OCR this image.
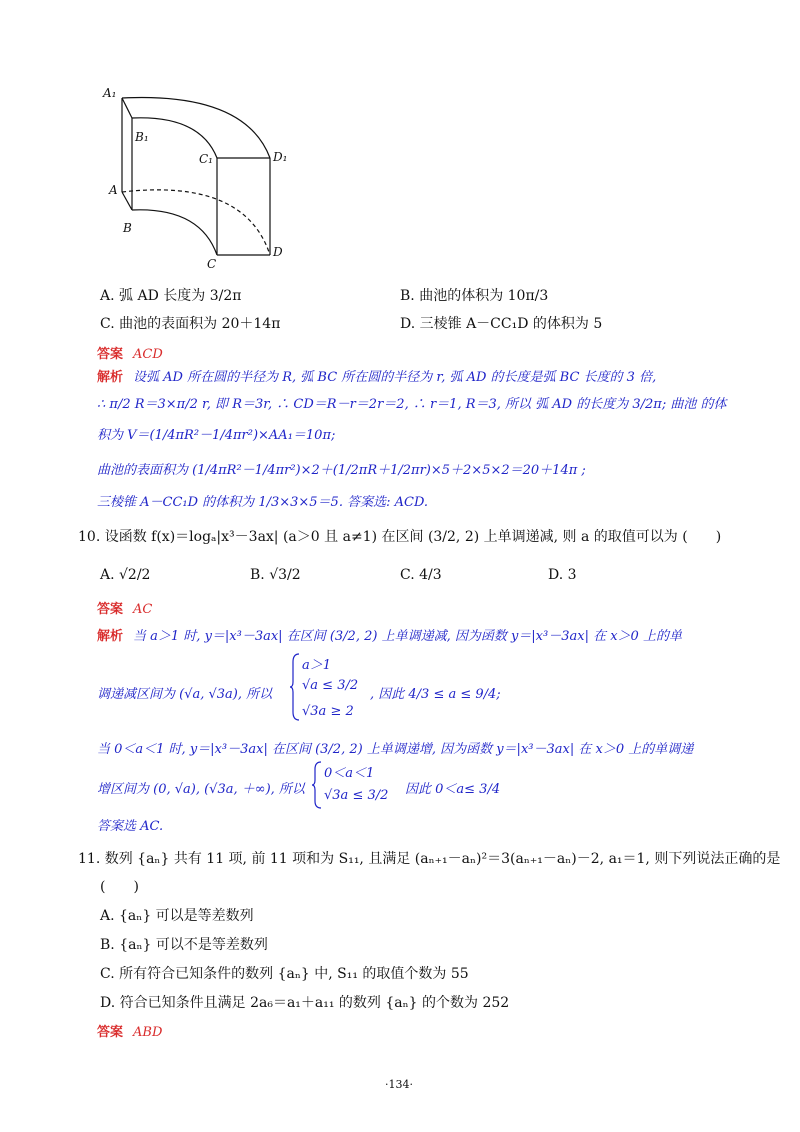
A₁
B₁
C₁	D₁
A
B
C
D
A. 弧 AD 长度为 3/2π	B. 曲池的体积为 10π/3
C. 曲池的表面积为 20＋14π	D. 三棱锥 A－CC₁D 的体积为 5
答案 ACD
解析 设弧 AD 所在圆的半径为 R, 弧 BC 所在圆的半径为 r, 弧 AD 的长度是弧 BC 长度的 3 倍,
∴ π/2 R＝3×π/2 r, 即 R＝3r, ∴ CD＝R－r＝2r＝2, ∴ r＝1, R＝3, 所以 弧 AD 的长度为 3/2π; 曲池 的体
积为 V＝(1/4πR²－1/4πr²)×AA₁＝10π;
曲池的表面积为 (1/4πR²－1/4πr²)×2＋(1/2πR＋1/2πr)×5＋2×5×2＝20＋14π ;
三棱锥 A－CC₁D 的体积为 1/3×3×5＝5. 答案选: ACD.
10. 设函数 f(x)＝logₐ|x³－3ax| (a＞0 且 a≠1) 在区间 (3/2, 2) 上单调递减, 则 a 的取值可以为 (　　)
A. √2/2	B. √3/2	C. 4/3	D. 3
答案 AC
解析 当 a＞1 时, y＝|x³－3ax| 在区间 (3/2, 2) 上单调递减, 因为函数 y＝|x³－3ax| 在 x＞0 上的单
调递减区间为 (√a, √3a), 所以
a＞1
√a ≤ 3/2
√3a ≥ 2
, 因此 4/3 ≤ a ≤ 9/4;
当 0＜a＜1 时, y＝|x³－3ax| 在区间 (3/2, 2) 上单调递增, 因为函数 y＝|x³－3ax| 在 x＞0 上的单调递
增区间为 (0, √a), (√3a, ＋∞), 所以
0＜a＜1
√3a ≤ 3/2 因此 0＜a≤ 3/4
答案选 AC.
11. 数列 {aₙ} 共有 11 项, 前 11 项和为 S₁₁, 且满足 (aₙ₊₁－aₙ)²＝3(aₙ₊₁－aₙ)－2, a₁＝1, 则下列说法正确的是
(　　)
A. {aₙ} 可以是等差数列
B. {aₙ} 可以不是等差数列
C. 所有符合已知条件的数列 {aₙ} 中, S₁₁ 的取值个数为 55
D. 符合已知条件且满足 2a₆＝a₁＋a₁₁ 的数列 {aₙ} 的个数为 252
答案 ABD
·134·
